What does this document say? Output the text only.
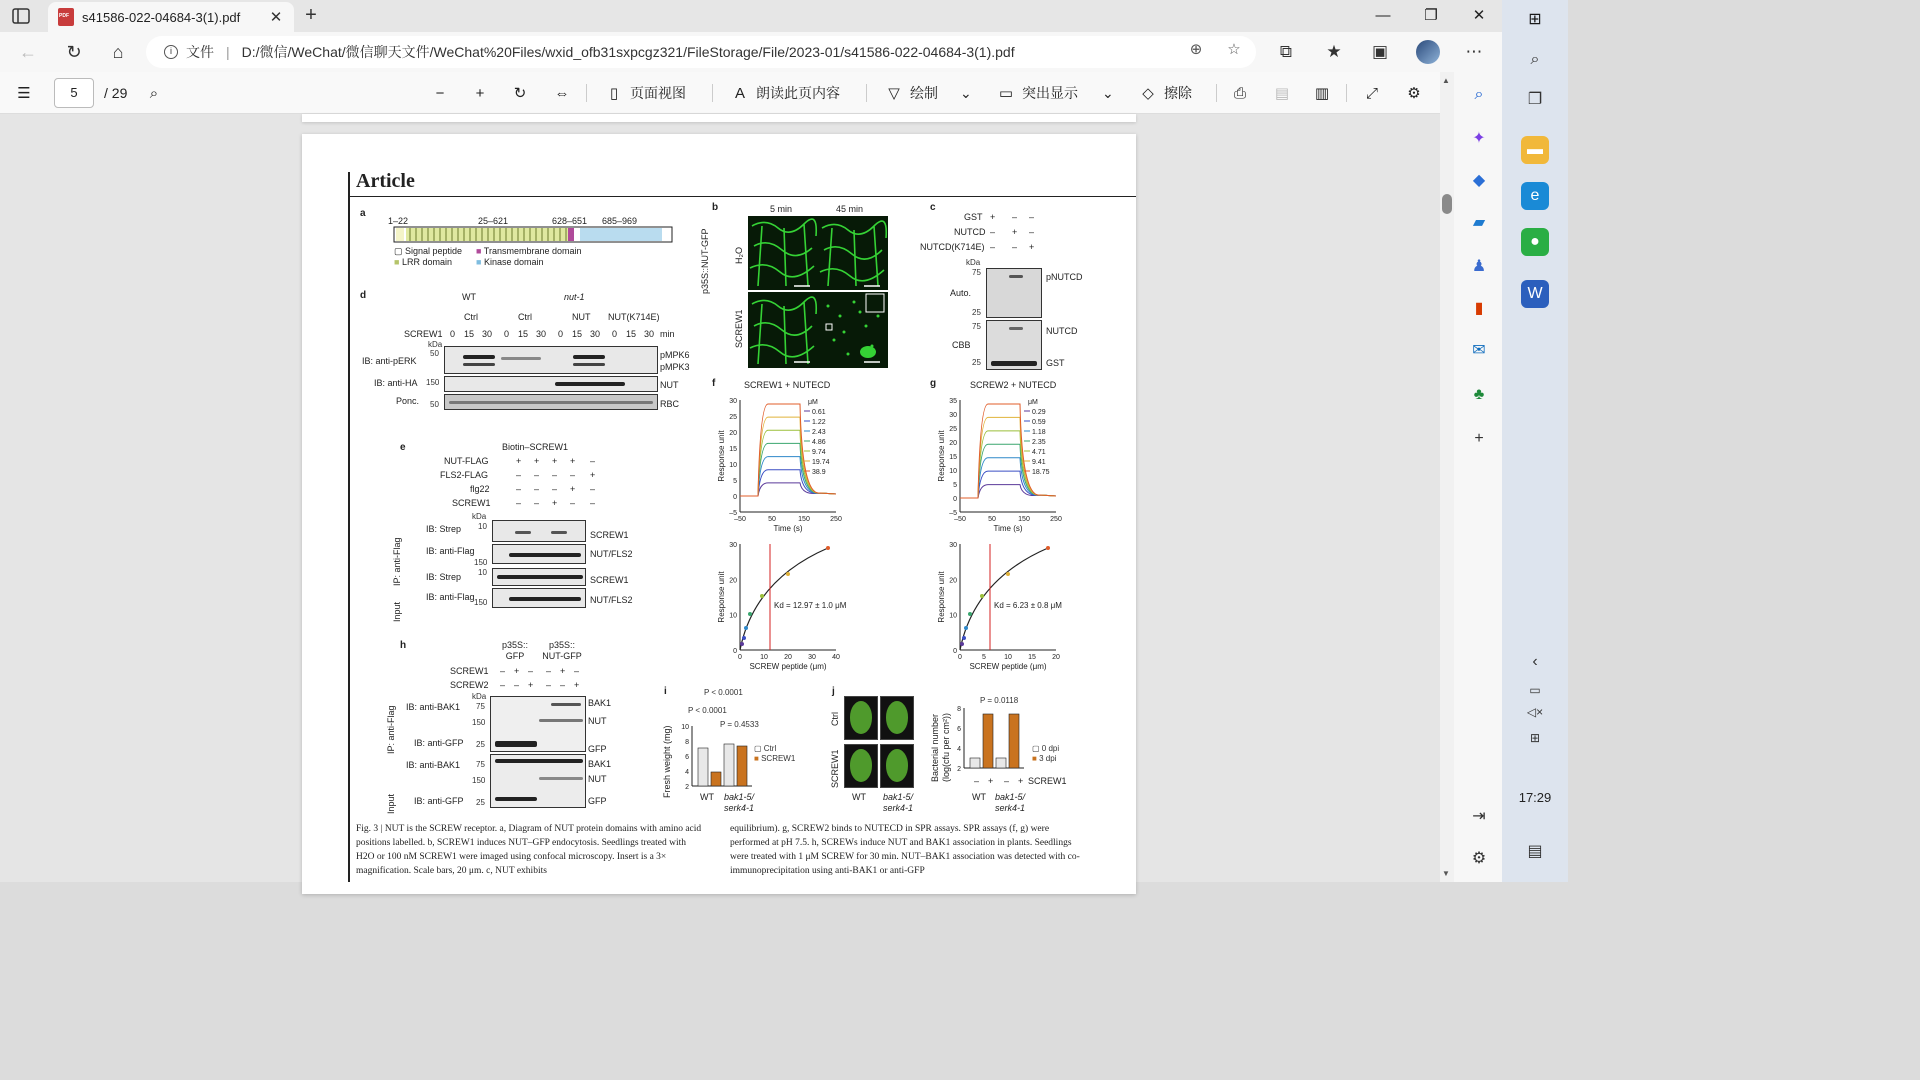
PDF
s41586-022-04684-3(1).pdf	✕ +	—	❐	✕
← ↻	⌂	i	文件 | D:/微信/WeChat/微信聊天文件/WeChat%20Files/wxid_ofb31sxpcgz321/FileStorage/File/2023-01/s41586-022-04684-3(1).pdf	⊕ ☆	⧉	★ ▣	⋯
☰	/ 29	⌕	−	+	↻	⇔	▯ 页面视图	A 朗读此页内容	▽ 绘制 ⌄ ▭ 突出显示 ⌄ ◇ 擦除	⎙	▤	▥	⤢	⚙
5
Article
a
1–22	25–621	628–651 685–969
▢ Signal peptide ■ Transmembrane domain
■ LRR domain	■ Kinase domain
b	5 min	45 min
p35S::NUT-GFP	H₂O
SCREW1
c
GST
NUTCD
NUTCD(K714E)
+ – –
– + –
– – +
kDa
75
25
75
25
Auto.
CBB
pNUTCD
NUTCD
GST
d	WT	nut-1
Ctrl	Ctrl	NUT NUT(K714E)
SCREW1 0 15 30 0 15 30 0 15 30 0 15 30 min
kDa
IB: anti-pERK
IB: anti-HA
Ponc.
50
150
50
pMPK6
pMPK3
NUT
RBC
e	Biotin–SCREW1
NUT-FLAG
FLS2-FLAG
flg22
SCREW1
+ + + + –
– – – – +
– – – + –
– – + – –
kDa
IP: anti-Flag
Input
IB: Strep
IB: anti-Flag
IB: Strep
IB: anti-Flag
10
150
10
150
SCREW1
NUT/FLS2
SCREW1
NUT/FLS2
f	SCREW1 + NUTECD
30
25
20
15
10
5
0
–5
–50	50	150	250
Time (s)
Response unit
μM
0.61
1.22
2.43
4.86
9.74
19.74
38.9
30
20
10
0
0	10 20 30 40
SCREW peptide (μm)
Response unit	Kd = 12.97 ± 1.0 μM
g	SCREW2 + NUTECD
35
30
25
20
15
10
5
0
–5
–50	50	150	250
Time (s)
Response unit
μM
0.29
0.59
1.18
2.35
4.71
9.41
18.75
30
20
10
0
0	5	10 15 20
SCREW peptide (μm)
Response unit	Kd = 6.23 ± 0.8 μM
h	p35S:: GFP
p35S:: NUT-GFP
SCREW1
SCREW2
– + – – + –
– – + – – +
kDa
IP: anti-Flag
Input
IB: anti-BAK1
IB: anti-GFP
IB: anti-BAK1
IB: anti-GFP
75
150
25
75
150
25
BAK1
NUT
GFP
BAK1
NUT
GFP
i	P < 0.0001
P < 0.0001
P = 0.4533
Fresh weight (mg) 10
8
6
4
2
▢ Ctrl
■ SCREW1
WT bak1-5/ serk4-1
j
Ctrl
SCREW1
WT	bak1-5/ serk4-1
P = 0.0118
Bacterial number (log(cfu per cm²))
8
6
4
2
▢ 0 dpi
■ 3 dpi
– + – + SCREW1
WT bak1-5/ serk4-1
Fig. 3 | NUT is the SCREW receptor. a, Diagram of NUT protein domains with amino acid positions labelled. b, SCREW1 induces NUT–GFP endocytosis. Seedlings treated with H2O or 100 nM SCREW1 were imaged using confocal microscopy. Insert is a 3× magnification. Scale bars, 20 μm. c, NUT exhibits
equilibrium). g, SCREW2 binds to NUTECD in SPR assays. SPR assays (f, g) were performed at pH 7.5. h, SCREWs induce NUT and BAK1 association in plants. Seedlings were treated with 1 μM SCREW for 30 min. NUT–BAK1 association was detected with co-immunoprecipitation using anti-BAK1 or anti-GFP
▲
▼
⌕
✦
◆
▰
♟
▮
✉
♣
+
⇥
⚙
⊞
⌕
❐
▬
e
●
W
‹
▭
◁×
⊞
17:29
▤
